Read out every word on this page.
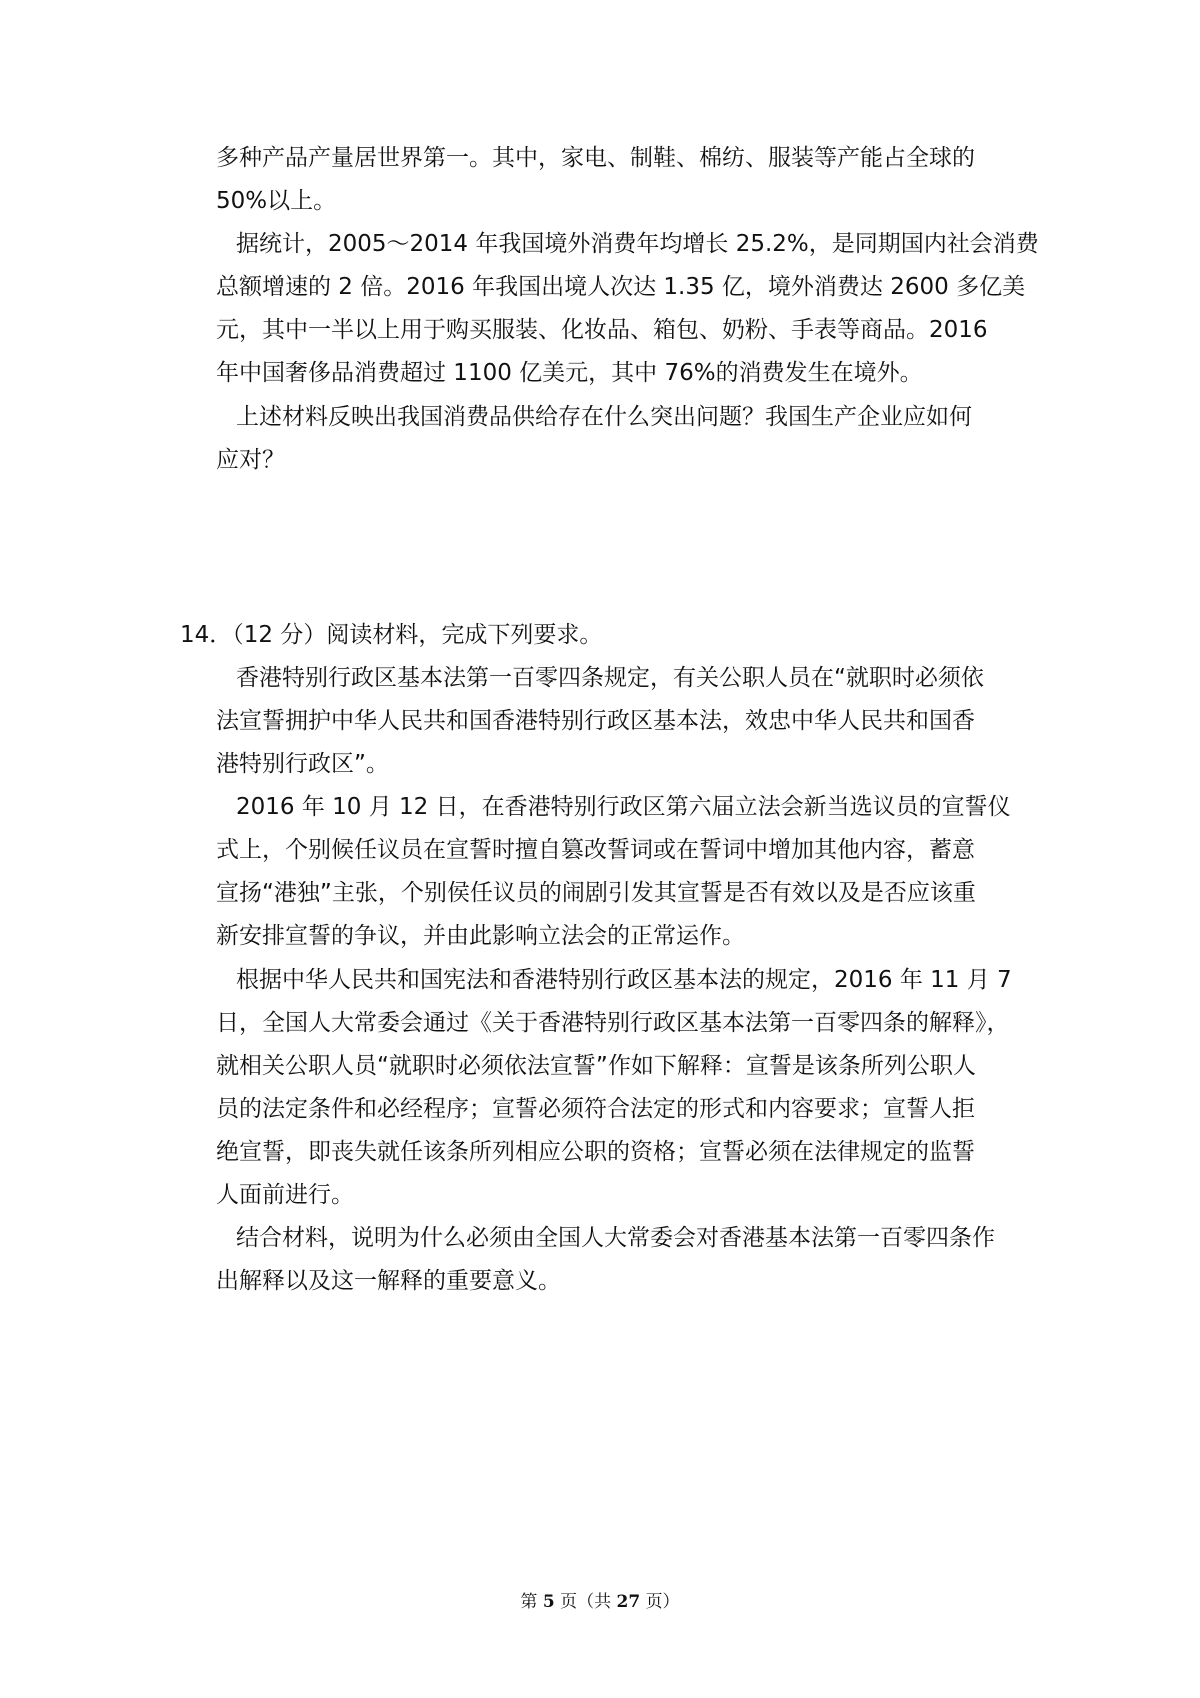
多种产品产量居世界第一。其中，家电、制鞋、棉纺、服装等产能占全球的
50%以上。
据统计，2005～2014 年我国境外消费年均增长 25.2%，是同期国内社会消费
总额增速的 2 倍。2016 年我国出境人次达 1.35 亿，境外消费达 2600 多亿美
元，其中一半以上用于购买服装、化妆品、箱包、奶粉、手表等商品。2016
年中国奢侈品消费超过 1100 亿美元，其中 76%的消费发生在境外。
上述材料反映出我国消费品供给存在什么突出问题？我国生产企业应如何
应对？
14．（12 分）阅读材料，完成下列要求。
香港特别行政区基本法第一百零四条规定，有关公职人员在“就职时必须依
法宣誓拥护中华人民共和国香港特别行政区基本法，效忠中华人民共和国香
港特别行政区”。
2016 年 10 月 12 日，在香港特别行政区第六届立法会新当选议员的宣誓仪
式上，个别候任议员在宣誓时擅自篡改誓词或在誓词中增加其他内容，蓄意
宣扬“港独”主张，个别侯任议员的闹剧引发其宣誓是否有效以及是否应该重
新安排宣誓的争议，并由此影响立法会的正常运作。
根据中华人民共和国宪法和香港特别行政区基本法的规定，2016 年 11 月 7
日，全国人大常委会通过《关于香港特别行政区基本法第一百零四条的解释》，
就相关公职人员“就职时必须依法宣誓”作如下解释：宣誓是该条所列公职人
员的法定条件和必经程序；宣誓必须符合法定的形式和内容要求；宣誓人拒
绝宣誓，即丧失就任该条所列相应公职的资格；宣誓必须在法律规定的监誓
人面前进行。
结合材料，说明为什么必须由全国人大常委会对香港基本法第一百零四条作
出解释以及这一解释的重要意义。
第 5 页（共 27 页）
